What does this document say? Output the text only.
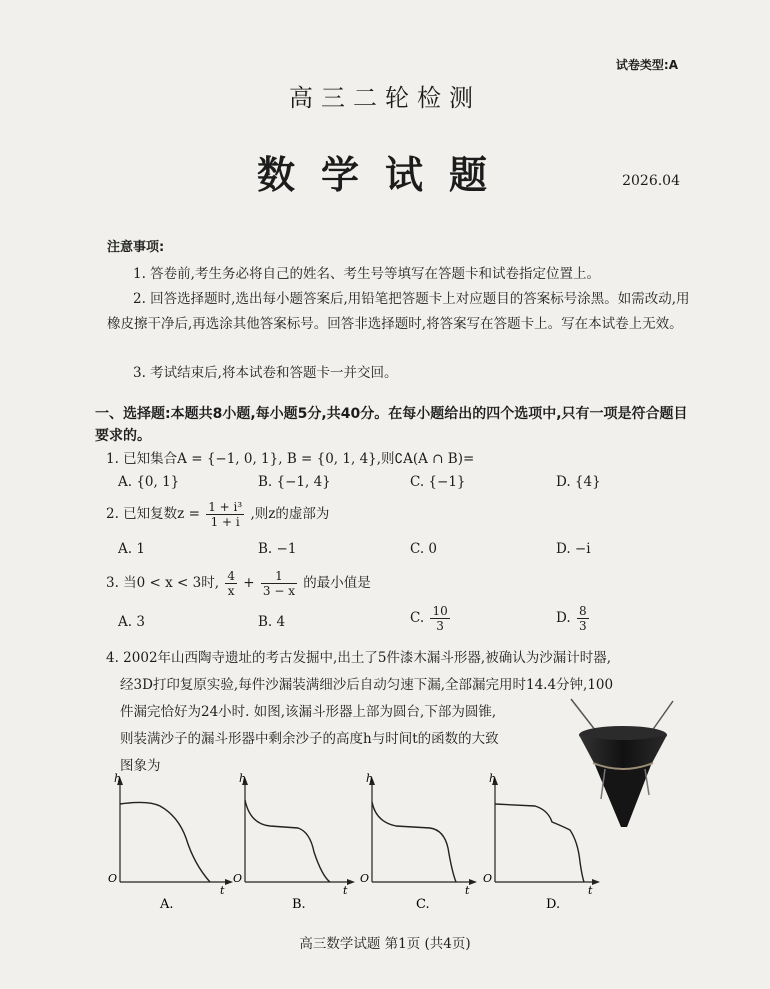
试卷类型:A
高三二轮检测
数学试题	2026.04
注意事项:
1. 答卷前,考生务必将自己的姓名、考生号等填写在答题卡和试卷指定位置上。
2. 回答选择题时,选出每小题答案后,用铅笔把答题卡上对应题目的答案标号涂黑。如需改动,用橡皮擦干净后,再选涂其他答案标号。回答非选择题时,将答案写在答题卡上。写在本试卷上无效。
3. 考试结束后,将本试卷和答题卡一并交回。
一、选择题:本题共8小题,每小题5分,共40分。在每小题给出的四个选项中,只有一项是符合题目要求的。
1. 已知集合A = {−1, 0, 1}, B = {0, 1, 4},则∁A(A ∩ B)=
A. {0, 1}	B. {−1, 4}	C. {−1}	D. {4}
2. 已知复数$z = \frac{\text{1 + i³}}{1 + i}$ ,则z的虚部为
A. 1	B. −1	C. 0	D. −i
3. 当0 < x < 3时, $\frac{4}{x} + \frac{1}{3 - x}$ 的最小值是
A. 3	B. 4	C. $\frac{10}{3}$	D. $\frac{8}{3}$
4. 2002年山西陶寺遗址的考古发掘中,出土了5件漆木漏斗形器,被确认为沙漏计时器,
经3D打印复原实验,每件沙漏装满细沙后自动匀速下漏,全部漏完用时14.4分钟,100
件漏完恰好为24小时. 如图,该漏斗形器上部为圆台,下部为圆锥,
则装满沙子的漏斗形器中剩余沙子的高度h与时间t的函数的大致
图象为
h
O
t
A.
h
O
t
B.
h
O
t
C.
h
O
t
D.
高三数学试题 第1页 (共4页)
